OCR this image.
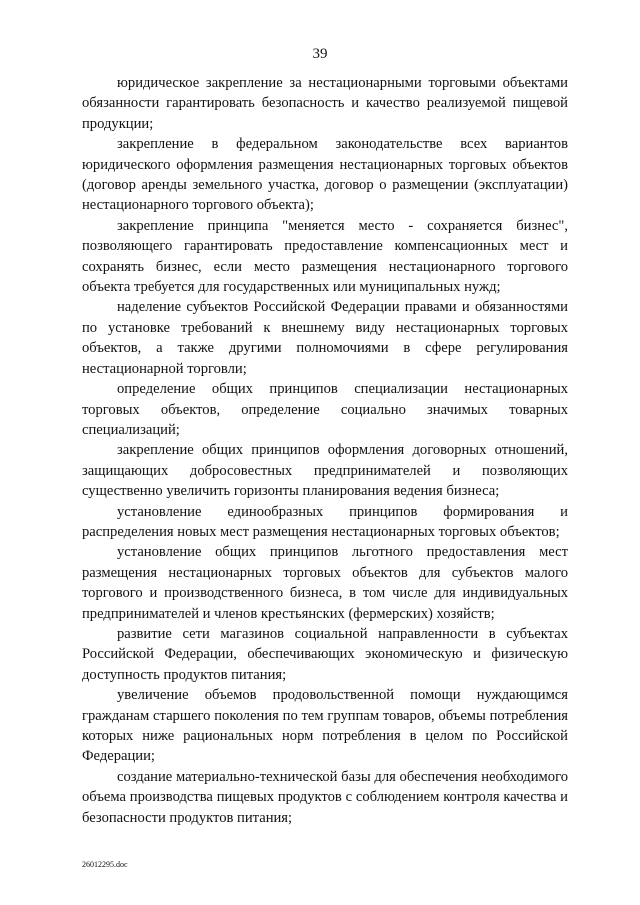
39

юридическое закрепление за нестационарными торговыми объектами обязанности гарантировать безопасность и качество реализуемой пищевой продукции;

закрепление в федеральном законодательстве всех вариантов юридического оформления размещения нестационарных торговых объектов (договор аренды земельного участка, договор о размещении (эксплуатации) нестационарного торгового объекта);

закрепление принципа "меняется место - сохраняется бизнес", позволяющего гарантировать предоставление компенсационных мест и сохранять бизнес, если место размещения нестационарного торгового объекта требуется для государственных или муниципальных нужд;

наделение субъектов Российской Федерации правами и обязанностями по установке требований к внешнему виду нестационарных торговых объектов, а также другими полномочиями в сфере регулирования нестационарной торговли;

определение общих принципов специализации нестационарных торговых объектов, определение социально значимых товарных специализаций;

закрепление общих принципов оформления договорных отношений, защищающих добросовестных предпринимателей и позволяющих существенно увеличить горизонты планирования ведения бизнеса;

установление единообразных принципов формирования и распределения новых мест размещения нестационарных торговых объектов;

установление общих принципов льготного предоставления мест размещения нестационарных торговых объектов для субъектов малого торгового и производственного бизнеса, в том числе для индивидуальных предпринимателей и членов крестьянских (фермерских) хозяйств;

развитие сети магазинов социальной направленности в субъектах Российской Федерации, обеспечивающих экономическую и физическую доступность продуктов питания;

увеличение объемов продовольственной помощи нуждающимся гражданам старшего поколения по тем группам товаров, объемы потребления которых ниже рациональных норм потребления в целом по Российской Федерации;

создание материально-технической базы для обеспечения необходимого объема производства пищевых продуктов с соблюдением контроля качества и безопасности продуктов питания;

26012295.doc
